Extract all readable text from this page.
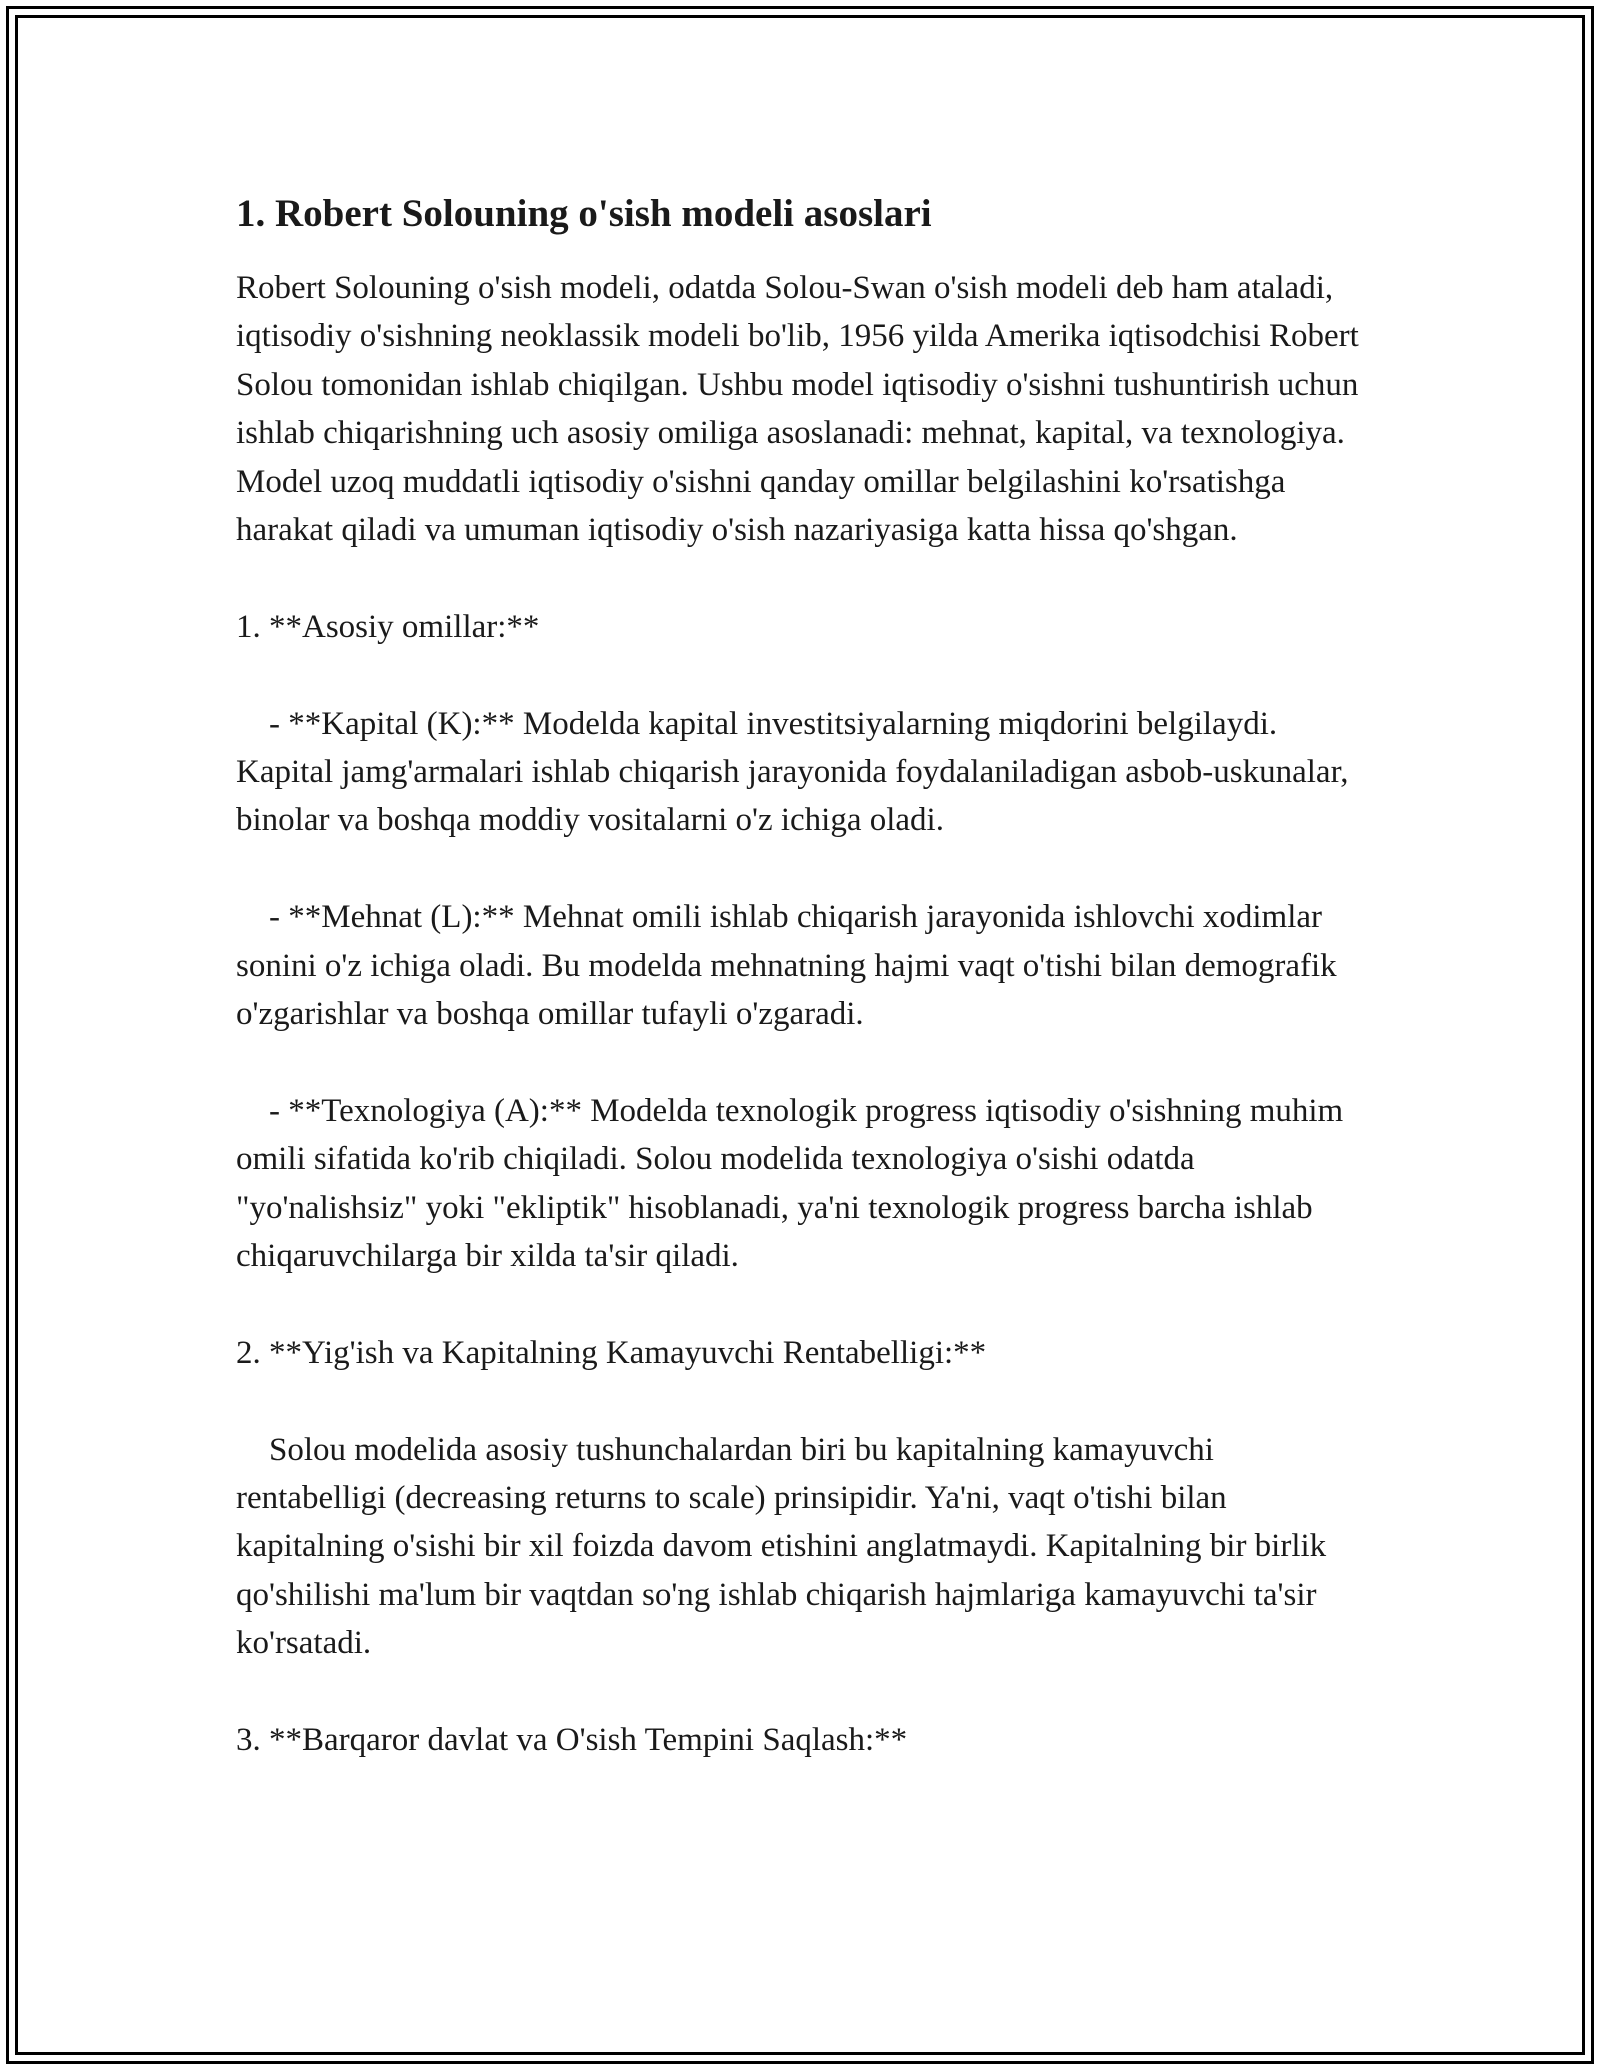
1. Robert Solouning o'sish modeli asoslari

Robert Solouning o'sish modeli, odatda Solou-Swan o'sish modeli deb ham ataladi, iqtisodiy o'sishning neoklassik modeli bo'lib, 1956 yilda Amerika iqtisodchisi Robert Solou tomonidan ishlab chiqilgan. Ushbu model iqtisodiy o'sishni tushuntirish uchun ishlab chiqarishning uch asosiy omiliga asoslanadi: mehnat, kapital, va texnologiya. Model uzoq muddatli iqtisodiy o'sishni qanday omillar belgilashini ko'rsatishga harakat qiladi va umuman iqtisodiy o'sish nazariyasiga katta hissa qo'shgan.

1. **Asosiy omillar:**

- **Kapital (K):** Modelda kapital investitsiyalarning miqdorini belgilaydi. Kapital jamg'armalari ishlab chiqarish jarayonida foydalaniladigan asbob-uskunalar, binolar va boshqa moddiy vositalarni o'z ichiga oladi.

- **Mehnat (L):** Mehnat omili ishlab chiqarish jarayonida ishlovchi xodimlar sonini o'z ichiga oladi. Bu modelda mehnatning hajmi vaqt o'tishi bilan demografik o'zgarishlar va boshqa omillar tufayli o'zgaradi.

- **Texnologiya (A):** Modelda texnologik progress iqtisodiy o'sishning muhim omili sifatida ko'rib chiqiladi. Solou modelida texnologiya o'sishi odatda "yo'nalishsiz" yoki "ekliptik" hisoblanadi, ya'ni texnologik progress barcha ishlab chiqaruvchilarga bir xilda ta'sir qiladi.

2. **Yig'ish va Kapitalning Kamayuvchi Rentabelligi:**

Solou modelida asosiy tushunchalardan biri bu kapitalning kamayuvchi rentabelligi (decreasing returns to scale) prinsipidir. Ya'ni, vaqt o'tishi bilan kapitalning o'sishi bir xil foizda davom etishini anglatmaydi. Kapitalning bir birlik qo'shilishi ma'lum bir vaqtdan so'ng ishlab chiqarish hajmlariga kamayuvchi ta'sir ko'rsatadi.

3. **Barqaror davlat va O'sish Tempini Saqlash:**
